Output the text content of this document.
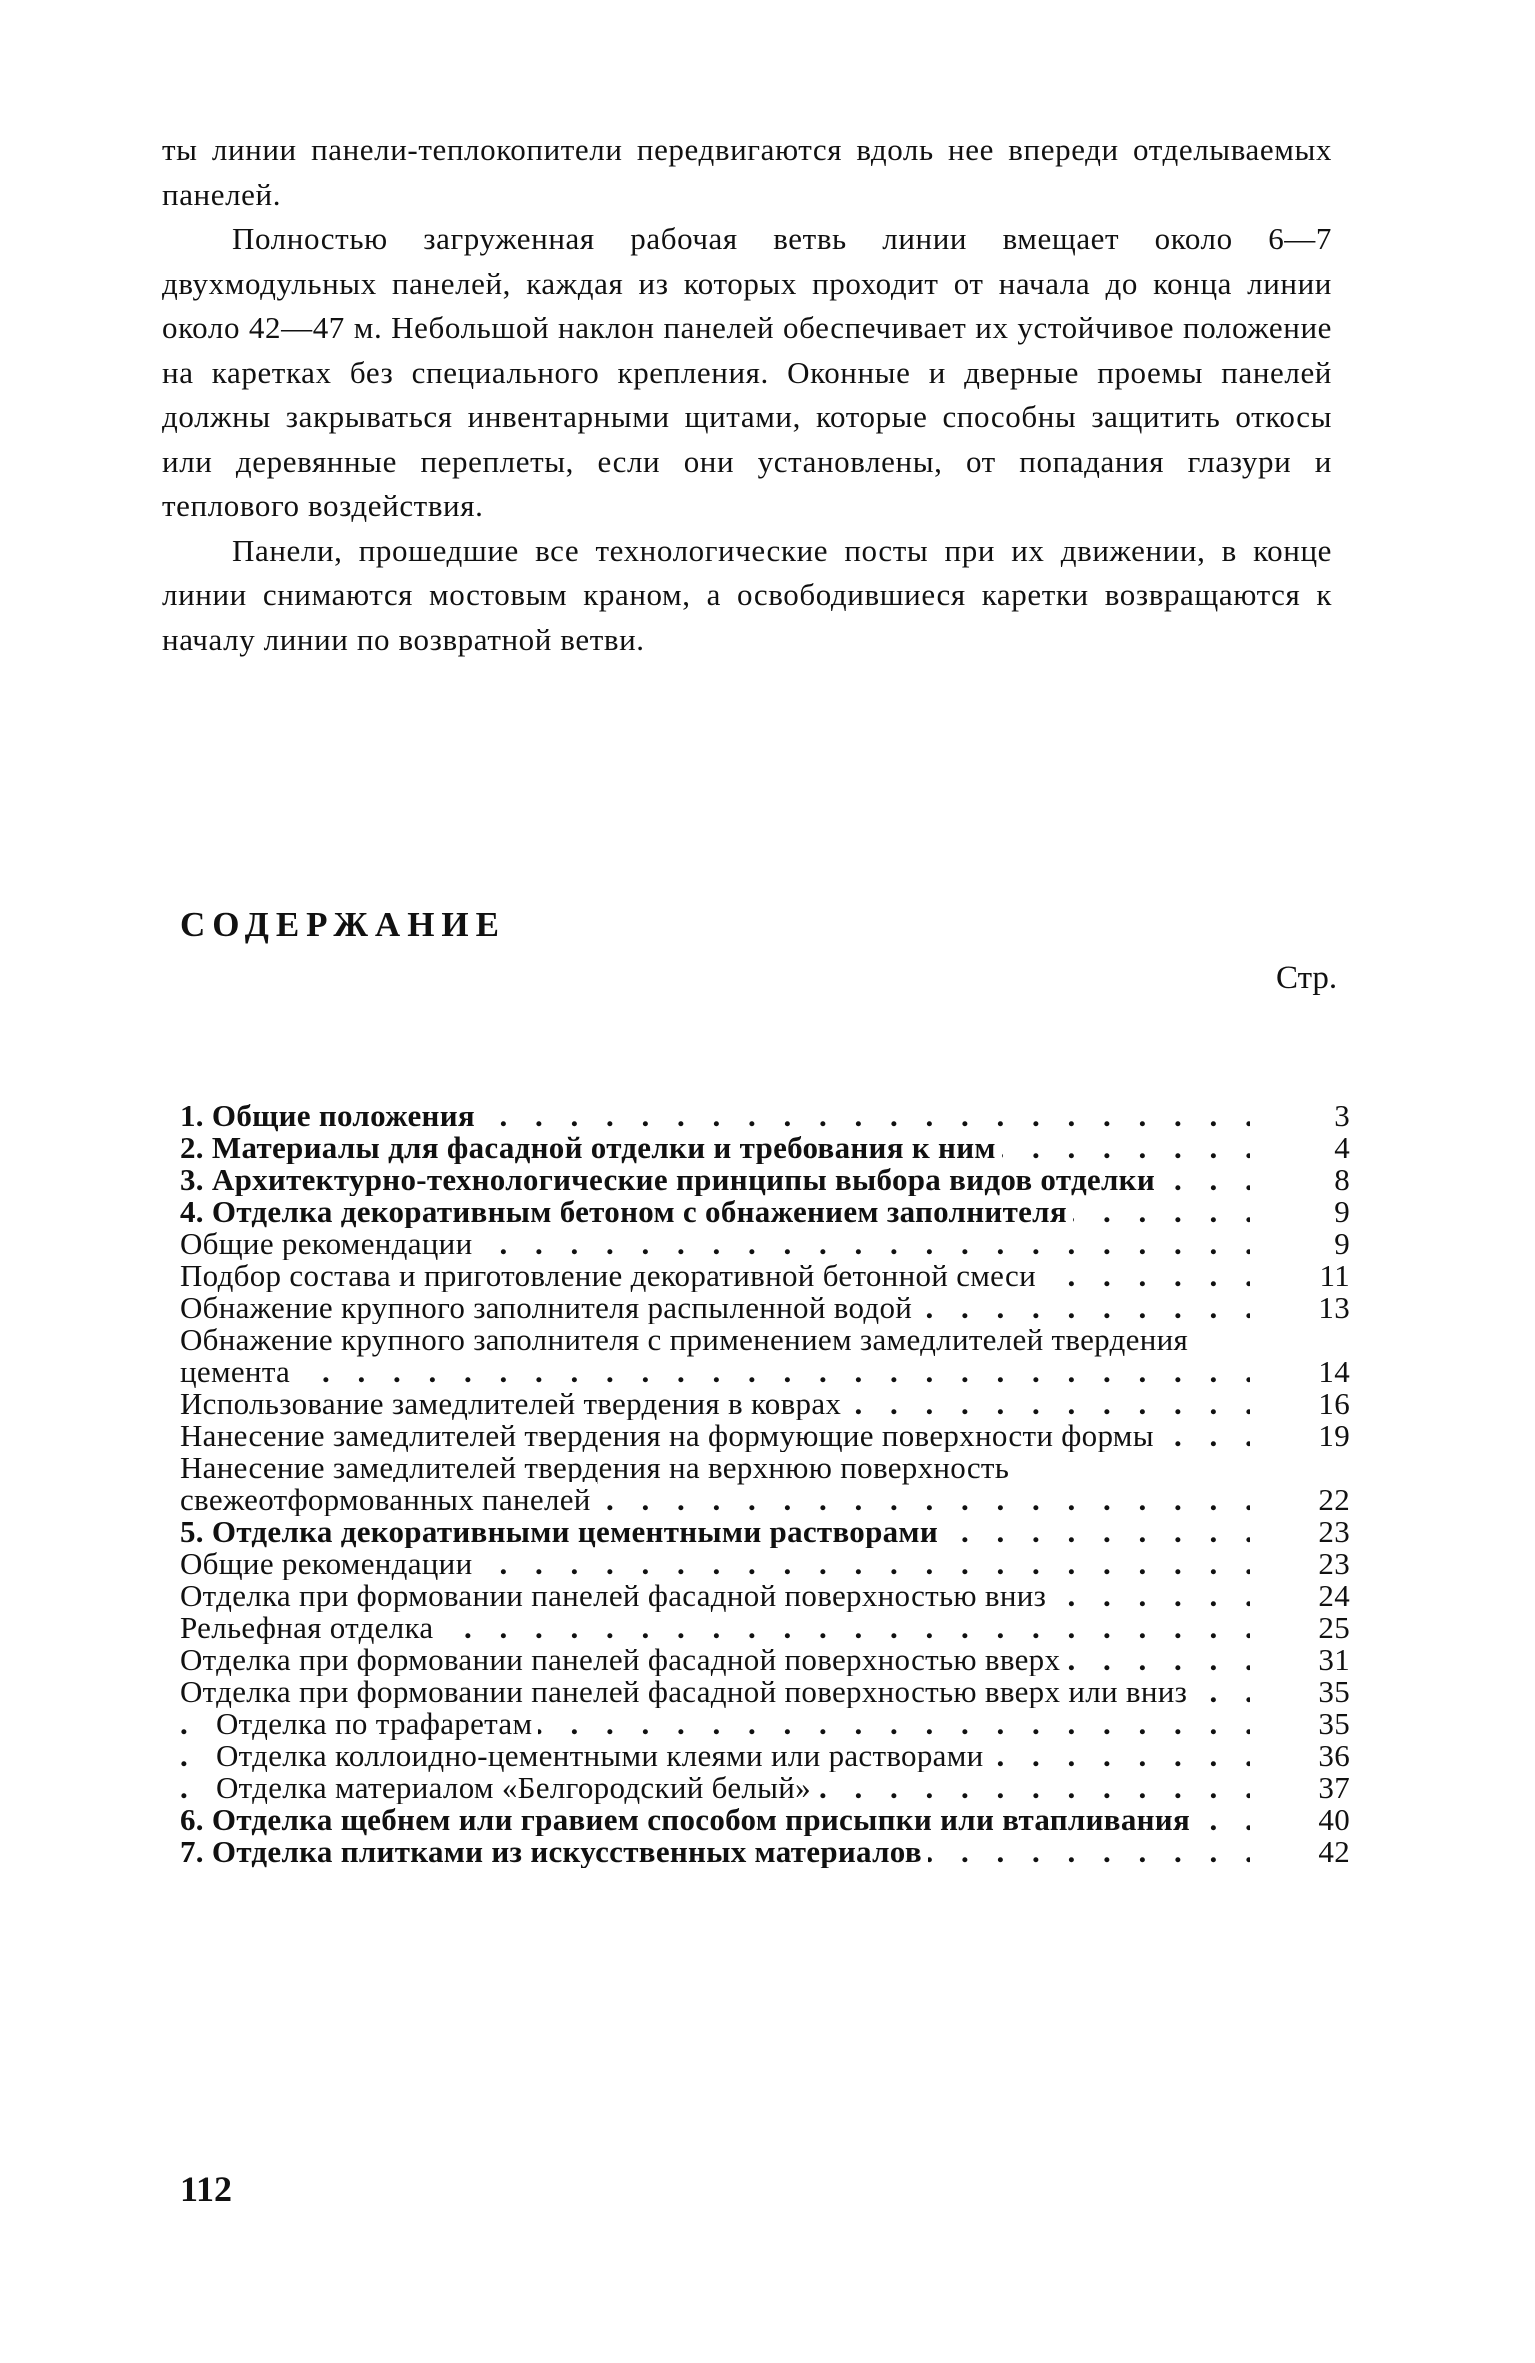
ты линии панели-теплокопители передвигаются вдоль нее впереди отделываемых панелей.

Полностью загруженная рабочая ветвь линии вмещает около 6—7 двухмодульных панелей, каждая из которых проходит от начала до конца линии около 42—47 м. Небольшой наклон панелей обеспечивает их устойчивое положение на каретках без специального крепления. Оконные и дверные проемы панелей должны закрываться инвентарными щитами, которые способны защитить откосы или деревянные переплеты, если они установлены, от попадания глазури и теплового воздействия.

Панели, прошедшие все технологические посты при их движении, в конце линии снимаются мостовым краном, а освободившиеся каретки возвращаются к началу линии по возвратной ветви.

СОДЕРЖАНИЕ
Стр.
1. Общие положения . . .	3
2. Материалы для фасадной отделки и требования к ним . . .	4
3. Архитектурно-технологические принципы выбора видов отделки . . .	8
4. Отделка декоративным бетоном с обнажением заполнителя . . .	9
Общие рекомендации . . .	9
Подбор состава и приготовление декоративной бетонной смеси . . .	11
Обнажение крупного заполнителя распыленной водой . . .	13
Обнажение крупного заполнителя с применением замедлителей твердения цемента . . .	14
Использование замедлителей твердения в коврах . . .	16
Нанесение замедлителей твердения на формующие поверхности формы . . .	19
Нанесение замедлителей твердения на верхнюю поверхность свежеотформованных панелей . . .	22
5. Отделка декоративными цементными растворами . . .	23
Общие рекомендации . . .	23
Отделка при формовании панелей фасадной поверхностью вниз . . .	24
Рельефная отделка . . .	25
Отделка при формовании панелей фасадной поверхностью вверх . . .	31
Отделка при формовании панелей фасадной поверхностью вверх или вниз . . .	35
Отделка по трафаретам . . .	35
Отделка коллоидно-цементными клеями или растворами . . .	36
Отделка материалом «Белгородский белый» . . .	37
6. Отделка щебнем или гравием способом присыпки или втапливания . . .	40
7. Отделка плитками из искусственных материалов . . .	42
112
